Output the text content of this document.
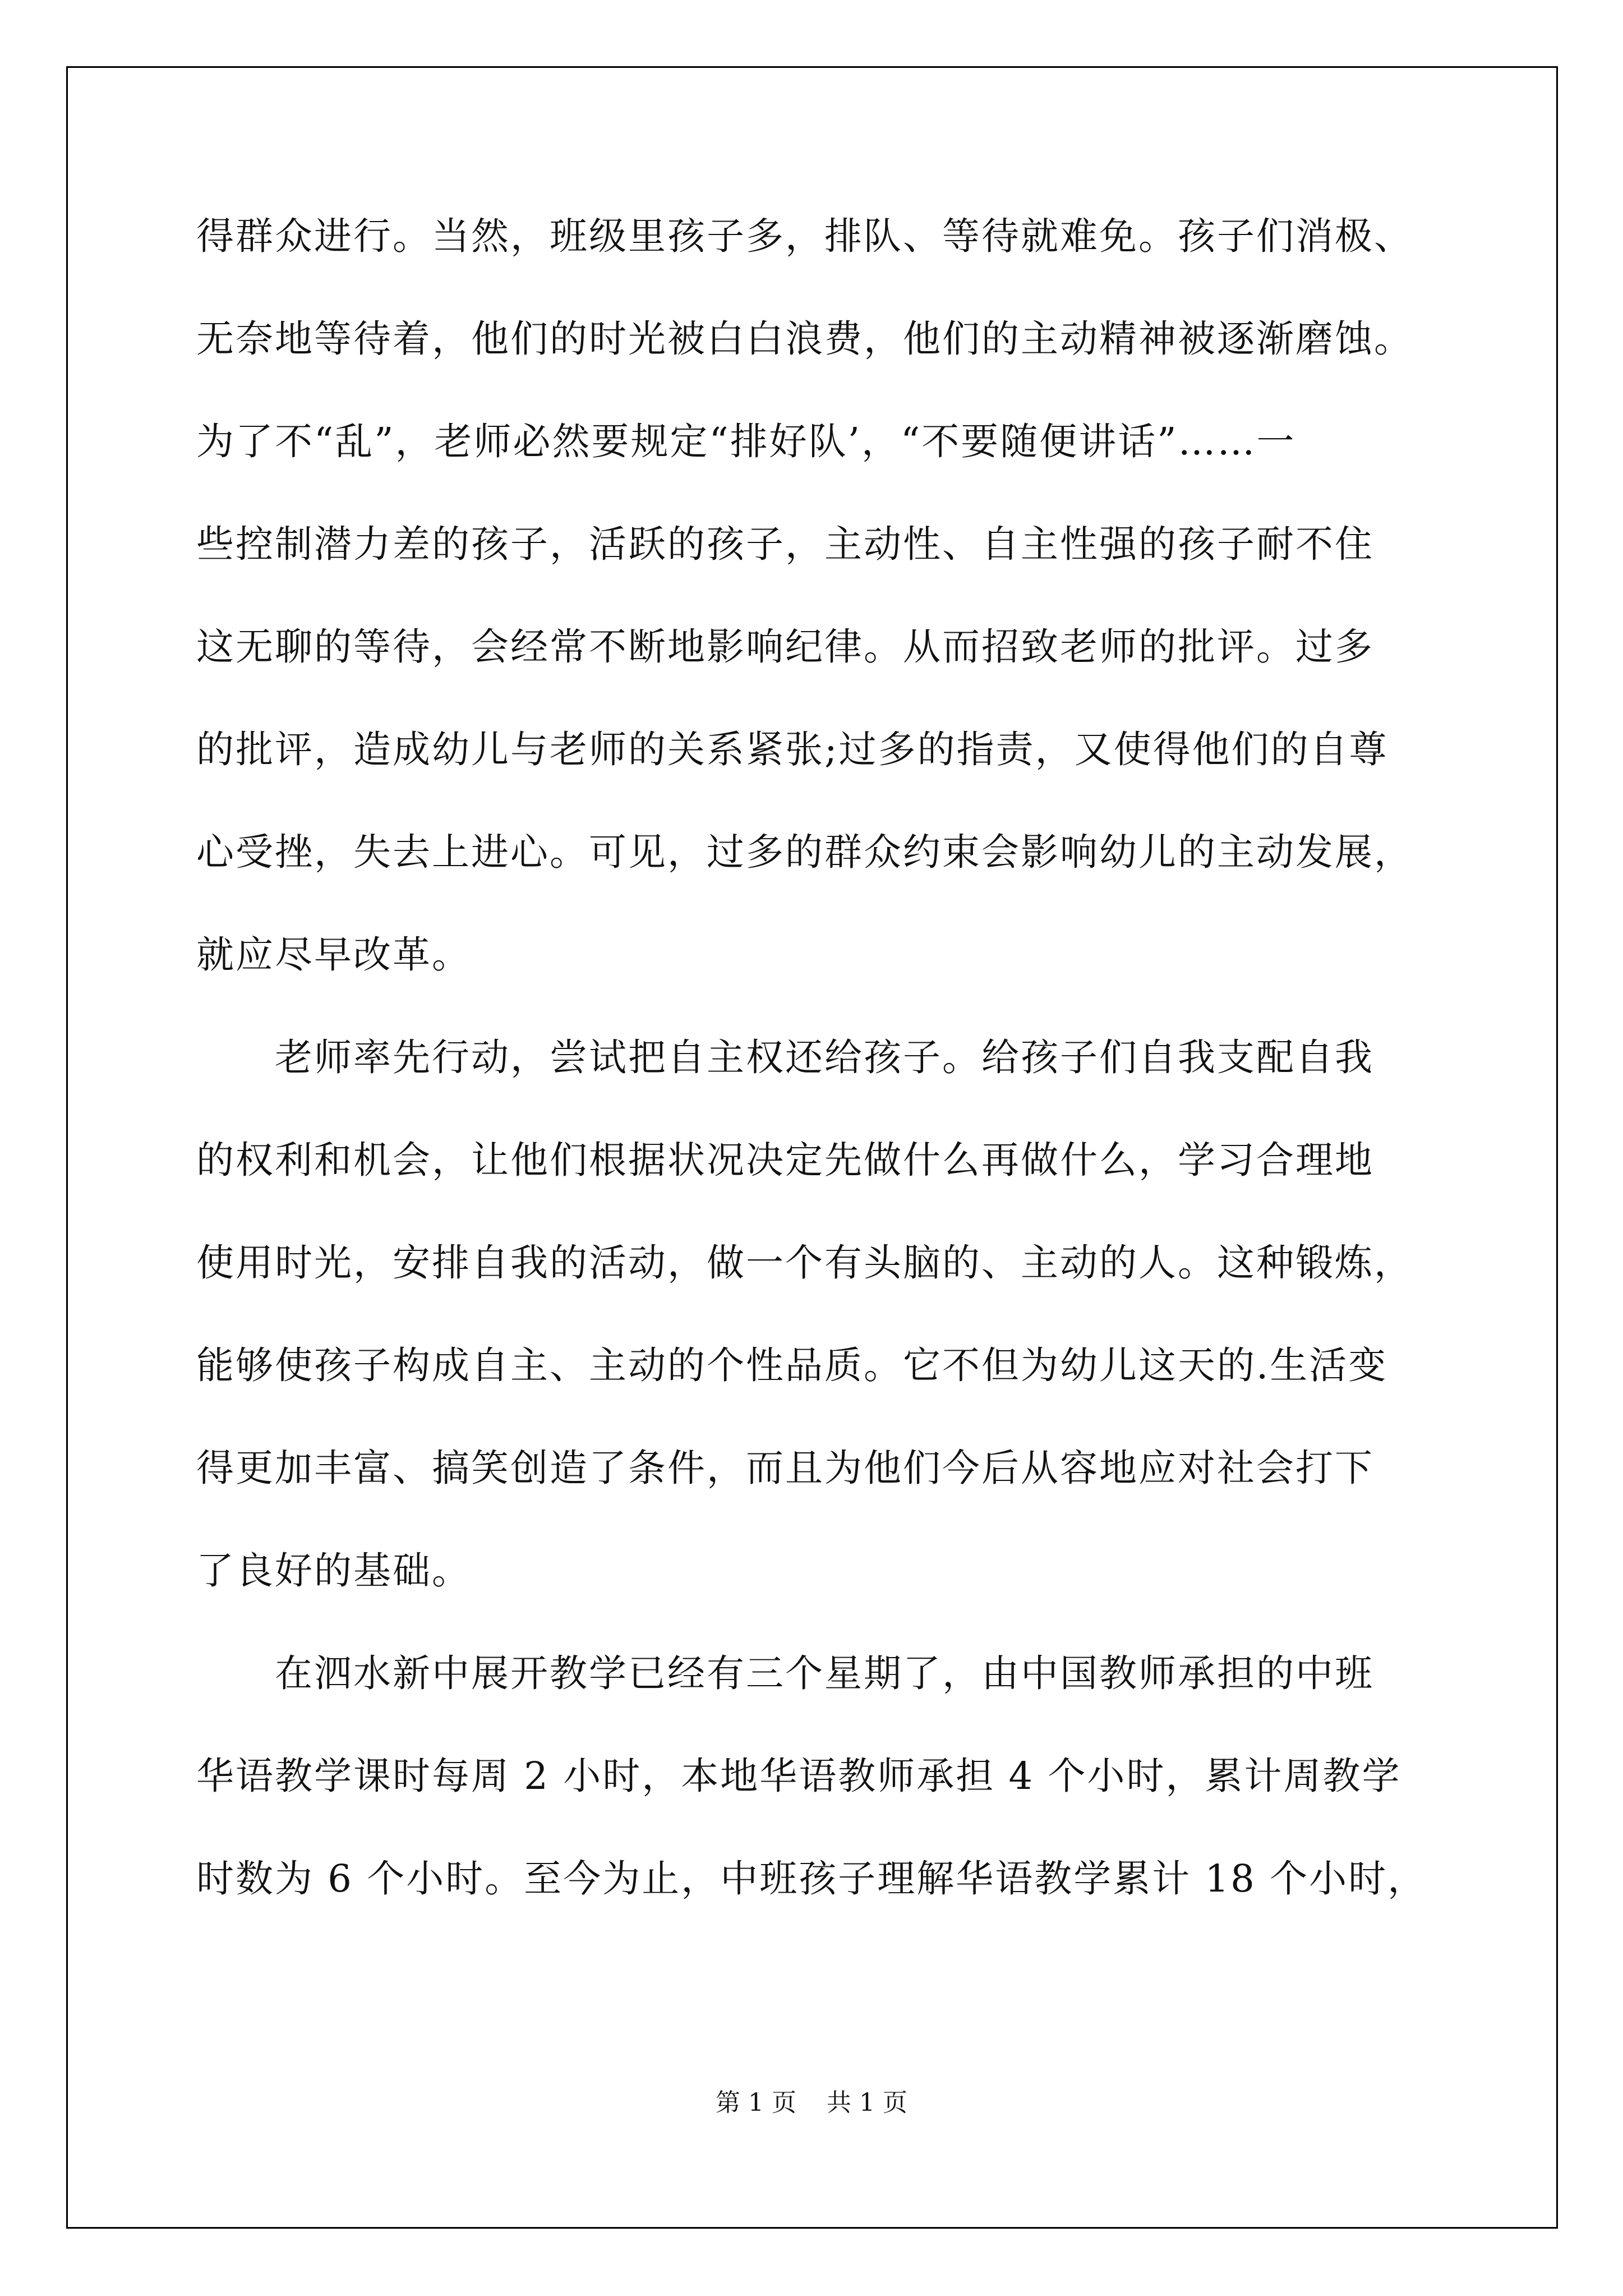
得群众进行。当然，班级里孩子多，排队、等待就难免。孩子们消极、
无奈地等待着，他们的时光被白白浪费，他们的主动精神被逐渐磨蚀。
为了不“乱”，老师必然要规定“排好队’，“不要随便讲话”……一
些控制潜力差的孩子，活跃的孩子，主动性、自主性强的孩子耐不住
这无聊的等待，会经常不断地影响纪律。从而招致老师的批评。过多
的批评，造成幼儿与老师的关系紧张;过多的指责，又使得他们的自尊
心受挫，失去上进心。可见，过多的群众约束会影响幼儿的主动发展，
就应尽早改革。
老师率先行动，尝试把自主权还给孩子。给孩子们自我支配自我
的权利和机会，让他们根据状况决定先做什么再做什么，学习合理地
使用时光，安排自我的活动，做一个有头脑的、主动的人。这种锻炼，
能够使孩子构成自主、主动的个性品质。它不但为幼儿这天的.生活变
得更加丰富、搞笑创造了条件，而且为他们今后从容地应对社会打下
了良好的基础。
在泗水新中展开教学已经有三个星期了，由中国教师承担的中班
华语教学课时每周 2 小时，本地华语教师承担 4 个小时，累计周教学
时数为 6 个小时。至今为止，中班孩子理解华语教学累计 18 个小时，
第 1 页 共 1 页
